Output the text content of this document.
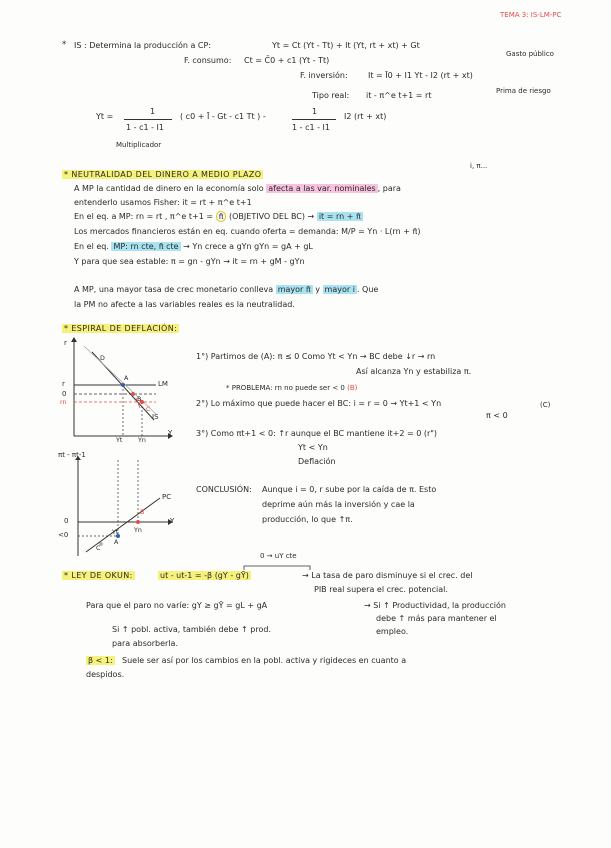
TEMA 3: IS-LM-PC
* IS : Determina la producción a CP:	Yt = Ct (Yt - Tt) + It (Yt, rt + xt) + Gt
Gasto público
F. consumo: Ct = C̄0 + c1 (Yt - Tt)
F. inversión:	It = Ī0 + I1 Yt - I2 (rt + xt)
Tipo real: it - π^e t+1 = rt	Prima de riesgo
Yt =
1
1 - c1 - I1
( c0 + Ī - Gt - c1 Tt ) -
1
1 - c1 - I1
I2 (rt + xt)
Multiplicador
i, π...
* NEUTRALIDAD DEL DINERO A MEDIO PLAZO
A MP la cantidad de dinero en la economía solo afecta a las var. nominales , para
entenderlo usamos Fisher: it = rt + π^e t+1
En el eq. a MP: rn = rt , π^e t+1 = π̄ (OBJETIVO DEL BC) → it = rn + π̄
Los mercados financieros están en eq. cuando oferta = demanda: M/P = Yn · L(rn + π̄)
En el eq. MP: rn cte, π̄ cte → Yn crece a gYn gYn = gA + gL
Y para que sea estable: π = gn - gYn → it = rn + gM - gYn
A MP, una mayor tasa de crec monetario conlleva mayor π̄ y mayor i . Que
la PM no afecte a las variables reales es la neutralidad.
* ESPIRAL DE DEFLACIÓN:
r
Y
LM
IS
r
0
rn
A
B
C
D
Yt Yn
πt - πt-1
Y
PC
0
<0
A
B
C
Yt Yn
1°) Partimos de (A): π ≤ 0 Como Yt < Yn → BC debe ↓r → rn
Así alcanza Yn y estabiliza π.
* PROBLEMA: rn no puede ser < 0 (B)
2°) Lo máximo que puede hacer el BC: i = r = 0 → Yt+1 < Yn	(C)
π < 0
3°) Como πt+1 < 0: ↑r aunque el BC mantiene it+2 = 0 (r")
Yt < Yn
Deflación
CONCLUSIÓN: Aunque i = 0, r sube por la caída de π. Esto
deprime aún más la inversión y cae la
producción, lo que ↑π.
0 → uY cte
* LEY DE OKUN:	ut - ut-1 = -β (gY - gȲ)	→ La tasa de paro disminuye si el crec. del
PIB real supera el crec. potencial.
Para que el paro no varíe: gY ≥ gȲ = gL + gA	→ Si ↑ Productividad, la producción
debe ↑ más para mantener el
empleo.
Si ↑ pobl. activa, también debe ↑ prod.
para absorberla.
β < 1: Suele ser así por los cambios en la pobl. activa y rigideces en cuanto a
despidos.
